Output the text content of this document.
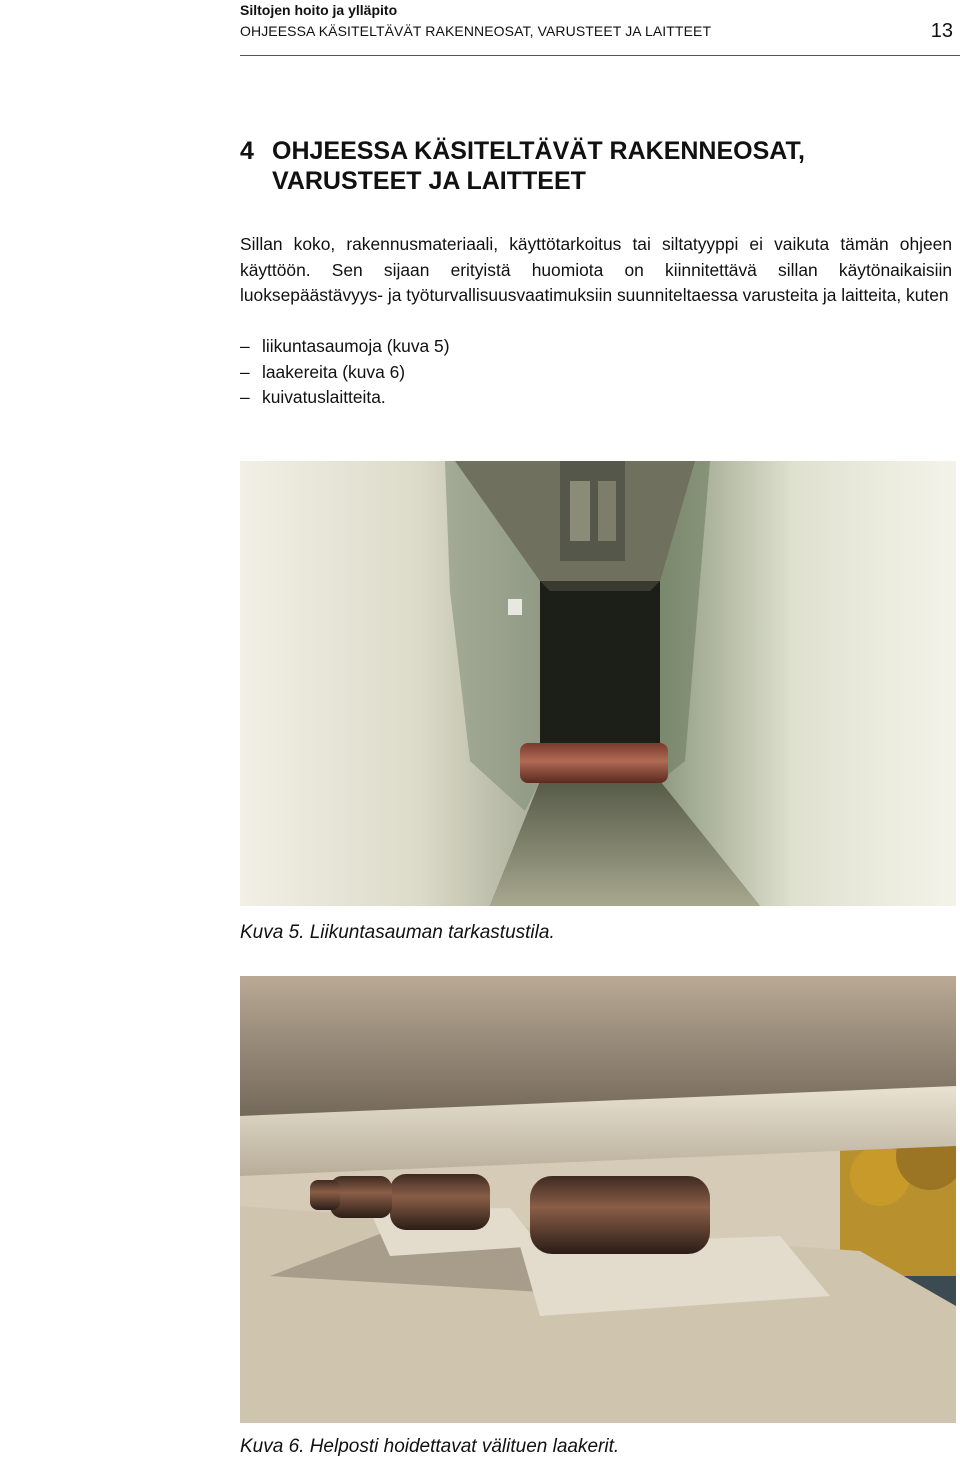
Siltojen hoito ja ylläpito
OHJEESSA KÄSITELTÄVÄT RAKENNEOSAT, VARUSTEET JA LAITTEET	13
4 OHJEESSA KÄSITELTÄVÄT RAKENNEOSAT,
VARUSTEET JA LAITTEET

Sillan koko, rakennusmateriaali, käyttötarkoitus tai siltatyyppi ei vaikuta tämän ohjeen käyttöön. Sen sijaan erityistä huomiota on kiinnitettävä sillan käytönaikaisiin luoksepäästävyys- ja työturvallisuusvaatimuksiin suunniteltaessa varusteita ja laitteita, kuten

– liikuntasaumoja (kuva 5)
– laakereita (kuva 6)
– kuivatuslaitteita.
Kuva 5. Liikuntasauman tarkastustila.
Kuva 6. Helposti hoidettavat välituen laakerit.
